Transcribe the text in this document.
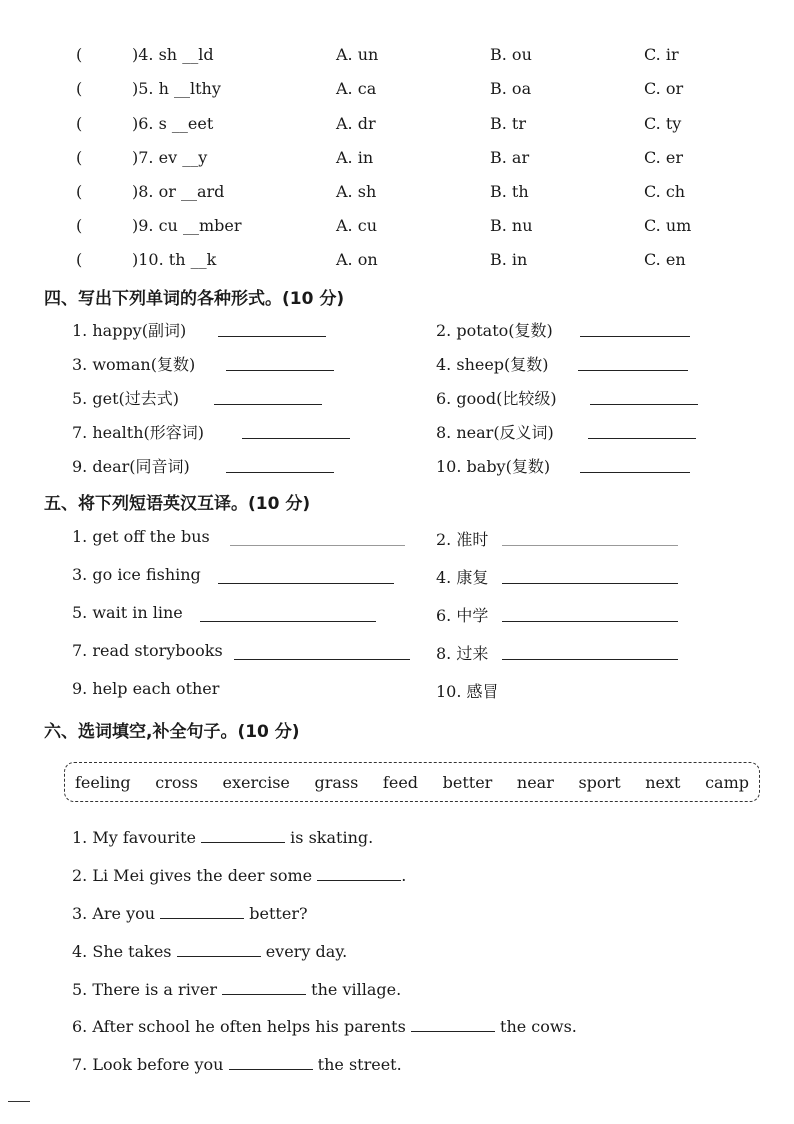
(	)4. sh __ld	A. un	B. ou	C. ir
(	)5. h __lthy	A. ca	B. oa	C. or
(	)6. s __eet	A. dr	B. tr	C. ty
(	)7. ev __y	A. in	B. ar	C. er
(	)8. or __ard	A. sh	B. th	C. ch
(	)9. cu __mber	A. cu	B. nu	C. um
(	)10. th __k	A. on	B. in	C. en
四、写出下列单词的各种形式。(10 分)
1. happy(副词)	2. potato(复数)
3. woman(复数)	4. sheep(复数)
5. get(过去式)	6. good(比较级)
7. health(形容词)	8. near(反义词)
9. dear(同音词)	10. baby(复数)
五、将下列短语英汉互译。(10 分)
1. get off the bus	2. 准时
3. go ice fishing	4. 康复
5. wait in line	6. 中学
7. read storybooks	8. 过来
9. help each other	10. 感冒
六、选词填空,补全句子。(10 分)
feeling cross exercise grass feed better near sport next camp
1. My favourite	is skating.
2. Li Mei gives the deer some	.
3. Are you	better?
4. She takes	every day.
5. There is a river	the village.
6. After school he often helps his parents	the cows.
7. Look before you	the street.
